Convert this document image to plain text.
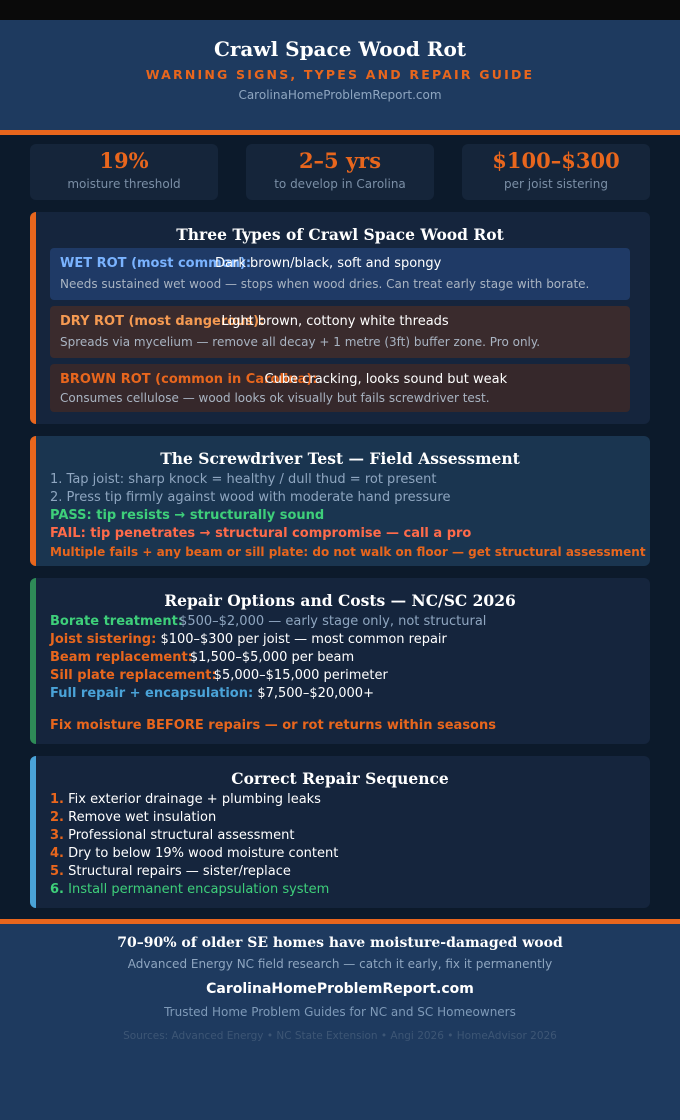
Crawl Space Wood Rot
WARNING SIGNS, TYPES AND REPAIR GUIDE
CarolinaHomeProblemReport.com
19%
moisture threshold
2–5 yrs
to develop in Carolina
$100–$300
per joist sistering
Three Types of Crawl Space Wood Rot
WET ROT (most common):Dark brown/black, soft and spongy
Needs sustained wet wood — stops when wood dries. Can treat early stage with borate.
DRY ROT (most dangerous):Light brown, cottony white threads
Spreads via mycelium — remove all decay + 1 metre (3ft) buffer zone. Pro only.
BROWN ROT (common in Carolina):Cube cracking, looks sound but weak
Consumes cellulose — wood looks ok visually but fails screwdriver test.
The Screwdriver Test — Field Assessment
1. Tap joist: sharp knock = healthy / dull thud = rot present
2. Press tip firmly against wood with moderate hand pressure
PASS: tip resists → structurally sound
FAIL: tip penetrates → structural compromise — call a pro
Multiple fails + any beam or sill plate: do not walk on floor — get structural assessment
Repair Options and Costs — NC/SC 2026
Borate treatment:$500–$2,000 — early stage only, not structural
Joist sistering: $100–$300 per joist — most common repair
Beam replacement:$1,500–$5,000 per beam
Sill plate replacement:$5,000–$15,000 perimeter
Full repair + encapsulation: $7,500–$20,000+
Fix moisture BEFORE repairs — or rot returns within seasons
Correct Repair Sequence
1. Fix exterior drainage + plumbing leaks
2. Remove wet insulation
3. Professional structural assessment
4. Dry to below 19% wood moisture content
5. Structural repairs — sister/replace
6. Install permanent encapsulation system
70–90% of older SE homes have moisture-damaged wood
Advanced Energy NC field research — catch it early, fix it permanently
CarolinaHomeProblemReport.com
Trusted Home Problem Guides for NC and SC Homeowners
Sources: Advanced Energy • NC State Extension • Angi 2026 • HomeAdvisor 2026
